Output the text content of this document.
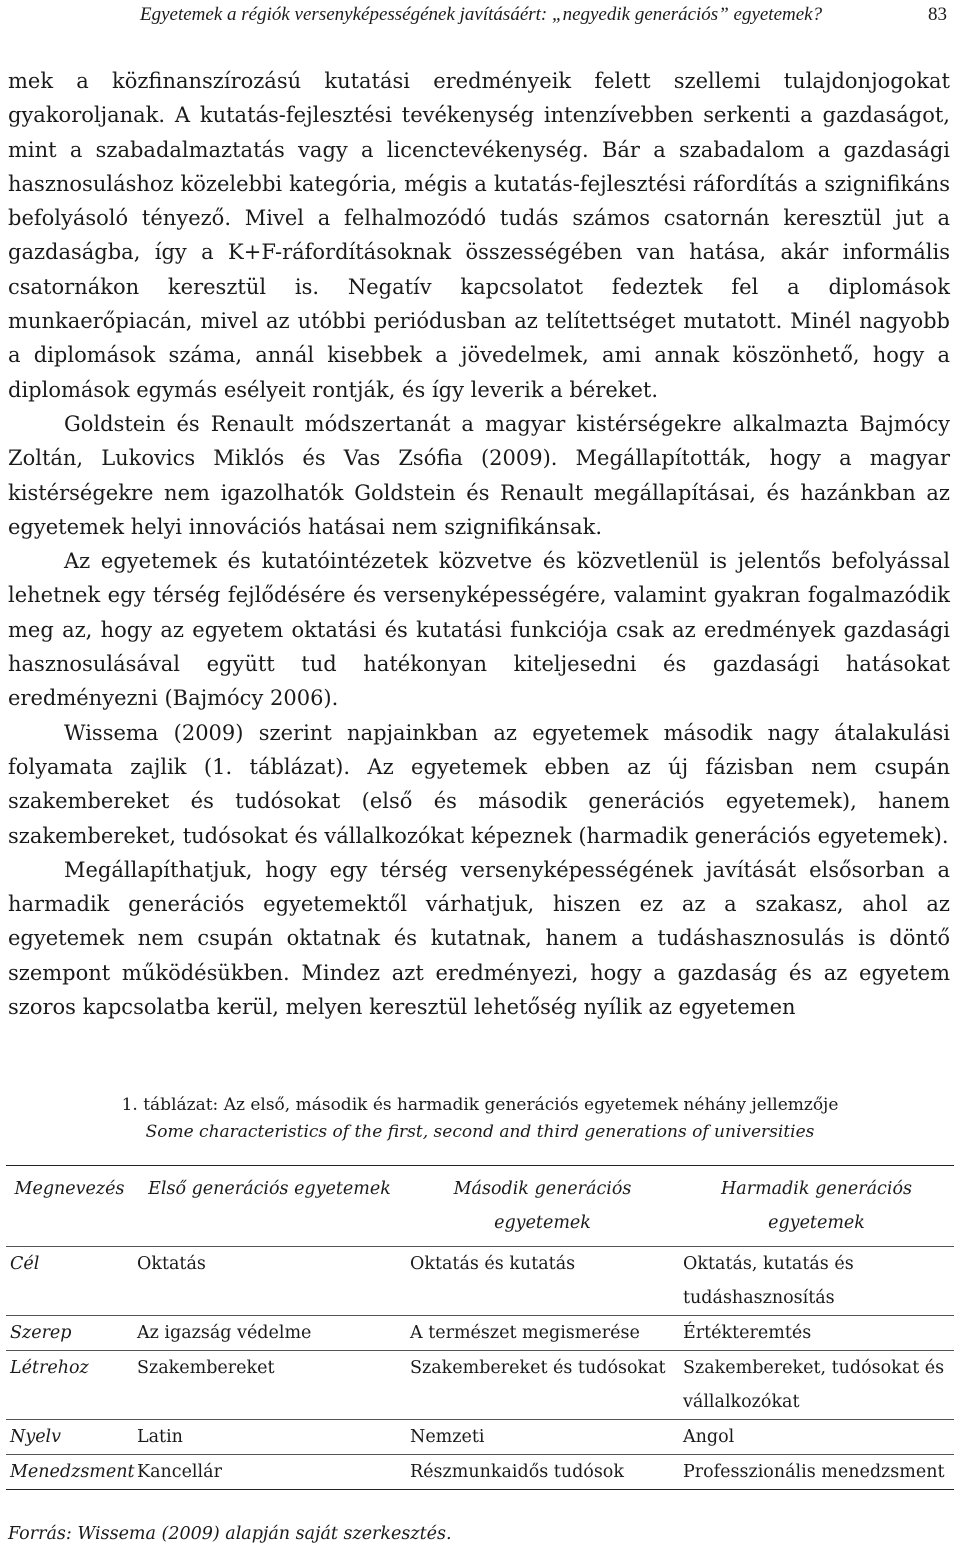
Egyetemek a régiók versenyképességének javításáért: „negyedik generációs” egyetemek?	83

mek a közfinanszírozású kutatási eredményeik felett szellemi tulajdonjogokat gyakoroljanak. A kutatás-fejlesztési tevékenység intenzívebben serkenti a gazdaságot, mint a szabadalmaztatás vagy a licenctevékenység. Bár a szabadalom a gazdasági hasznosuláshoz közelebbi kategória, mégis a kutatás-fejlesztési ráfordítás a szignifikáns befolyásoló tényező. Mivel a felhalmozódó tudás számos csatornán keresztül jut a gazdaságba, így a K+F-ráfordításoknak összességében van hatása, akár informális csatornákon keresztül is. Negatív kapcsolatot fedeztek fel a diplomások munkaerőpiacán, mivel az utóbbi periódusban az telítettséget mutatott. Minél nagyobb a diplomások száma, annál kisebbek a jövedelmek, ami annak köszönhető, hogy a diplomások egymás esélyeit rontják, és így leverik a béreket.

Goldstein és Renault módszertanát a magyar kistérségekre alkalmazta Bajmócy Zoltán, Lukovics Miklós és Vas Zsófia (2009). Megállapították, hogy a magyar kistérségekre nem igazolhatók Goldstein és Renault megállapításai, és hazánkban az egyetemek helyi innovációs hatásai nem szignifikánsak.

Az egyetemek és kutatóintézetek közvetve és közvetlenül is jelentős befolyással lehetnek egy térség fejlődésére és versenyképességére, valamint gyakran fogalmazódik meg az, hogy az egyetem oktatási és kutatási funkciója csak az eredmények gazdasági hasznosulásával együtt tud hatékonyan kiteljesedni és gazdasági hatásokat eredményezni (Bajmócy 2006).

Wissema (2009) szerint napjainkban az egyetemek második nagy átalakulási folyamata zajlik (1. táblázat). Az egyetemek ebben az új fázisban nem csupán szakembereket és tudósokat (első és második generációs egyetemek), hanem szakembereket, tudósokat és vállalkozókat képeznek (harmadik generációs egyetemek).

Megállapíthatjuk, hogy egy térség versenyképességének javítását elsősorban a harmadik generációs egyetemektől várhatjuk, hiszen ez az a szakasz, ahol az egyetemek nem csupán oktatnak és kutatnak, hanem a tudáshasznosulás is döntő szempont működésükben. Mindez azt eredményezi, hogy a gazdaság és az egyetem szoros kapcsolatba kerül, melyen keresztül lehetőség nyílik az egyetemen

1. táblázat: Az első, második és harmadik generációs egyetemek néhány jellemzője
Some characteristics of the first, second and third generations of universities
Megnevezés	Első generációs egyetemek	Második generációs egyetemek	Harmadik generációs egyetemek
Cél	Oktatás	Oktatás és kutatás	Oktatás, kutatás és tudáshasznosítás
Szerep	Az igazság védelme	A természet megismerése	Értékteremtés
Létrehoz	Szakembereket	Szakembereket és tudósokat	Szakembereket, tudósokat és vállalkozókat
Nyelv	Latin	Nemzeti	Angol
Menedzsment	Kancellár	Részmunkaidős tudósok	Professzionális menedzsment
Forrás: Wissema (2009) alapján saját szerkesztés.
